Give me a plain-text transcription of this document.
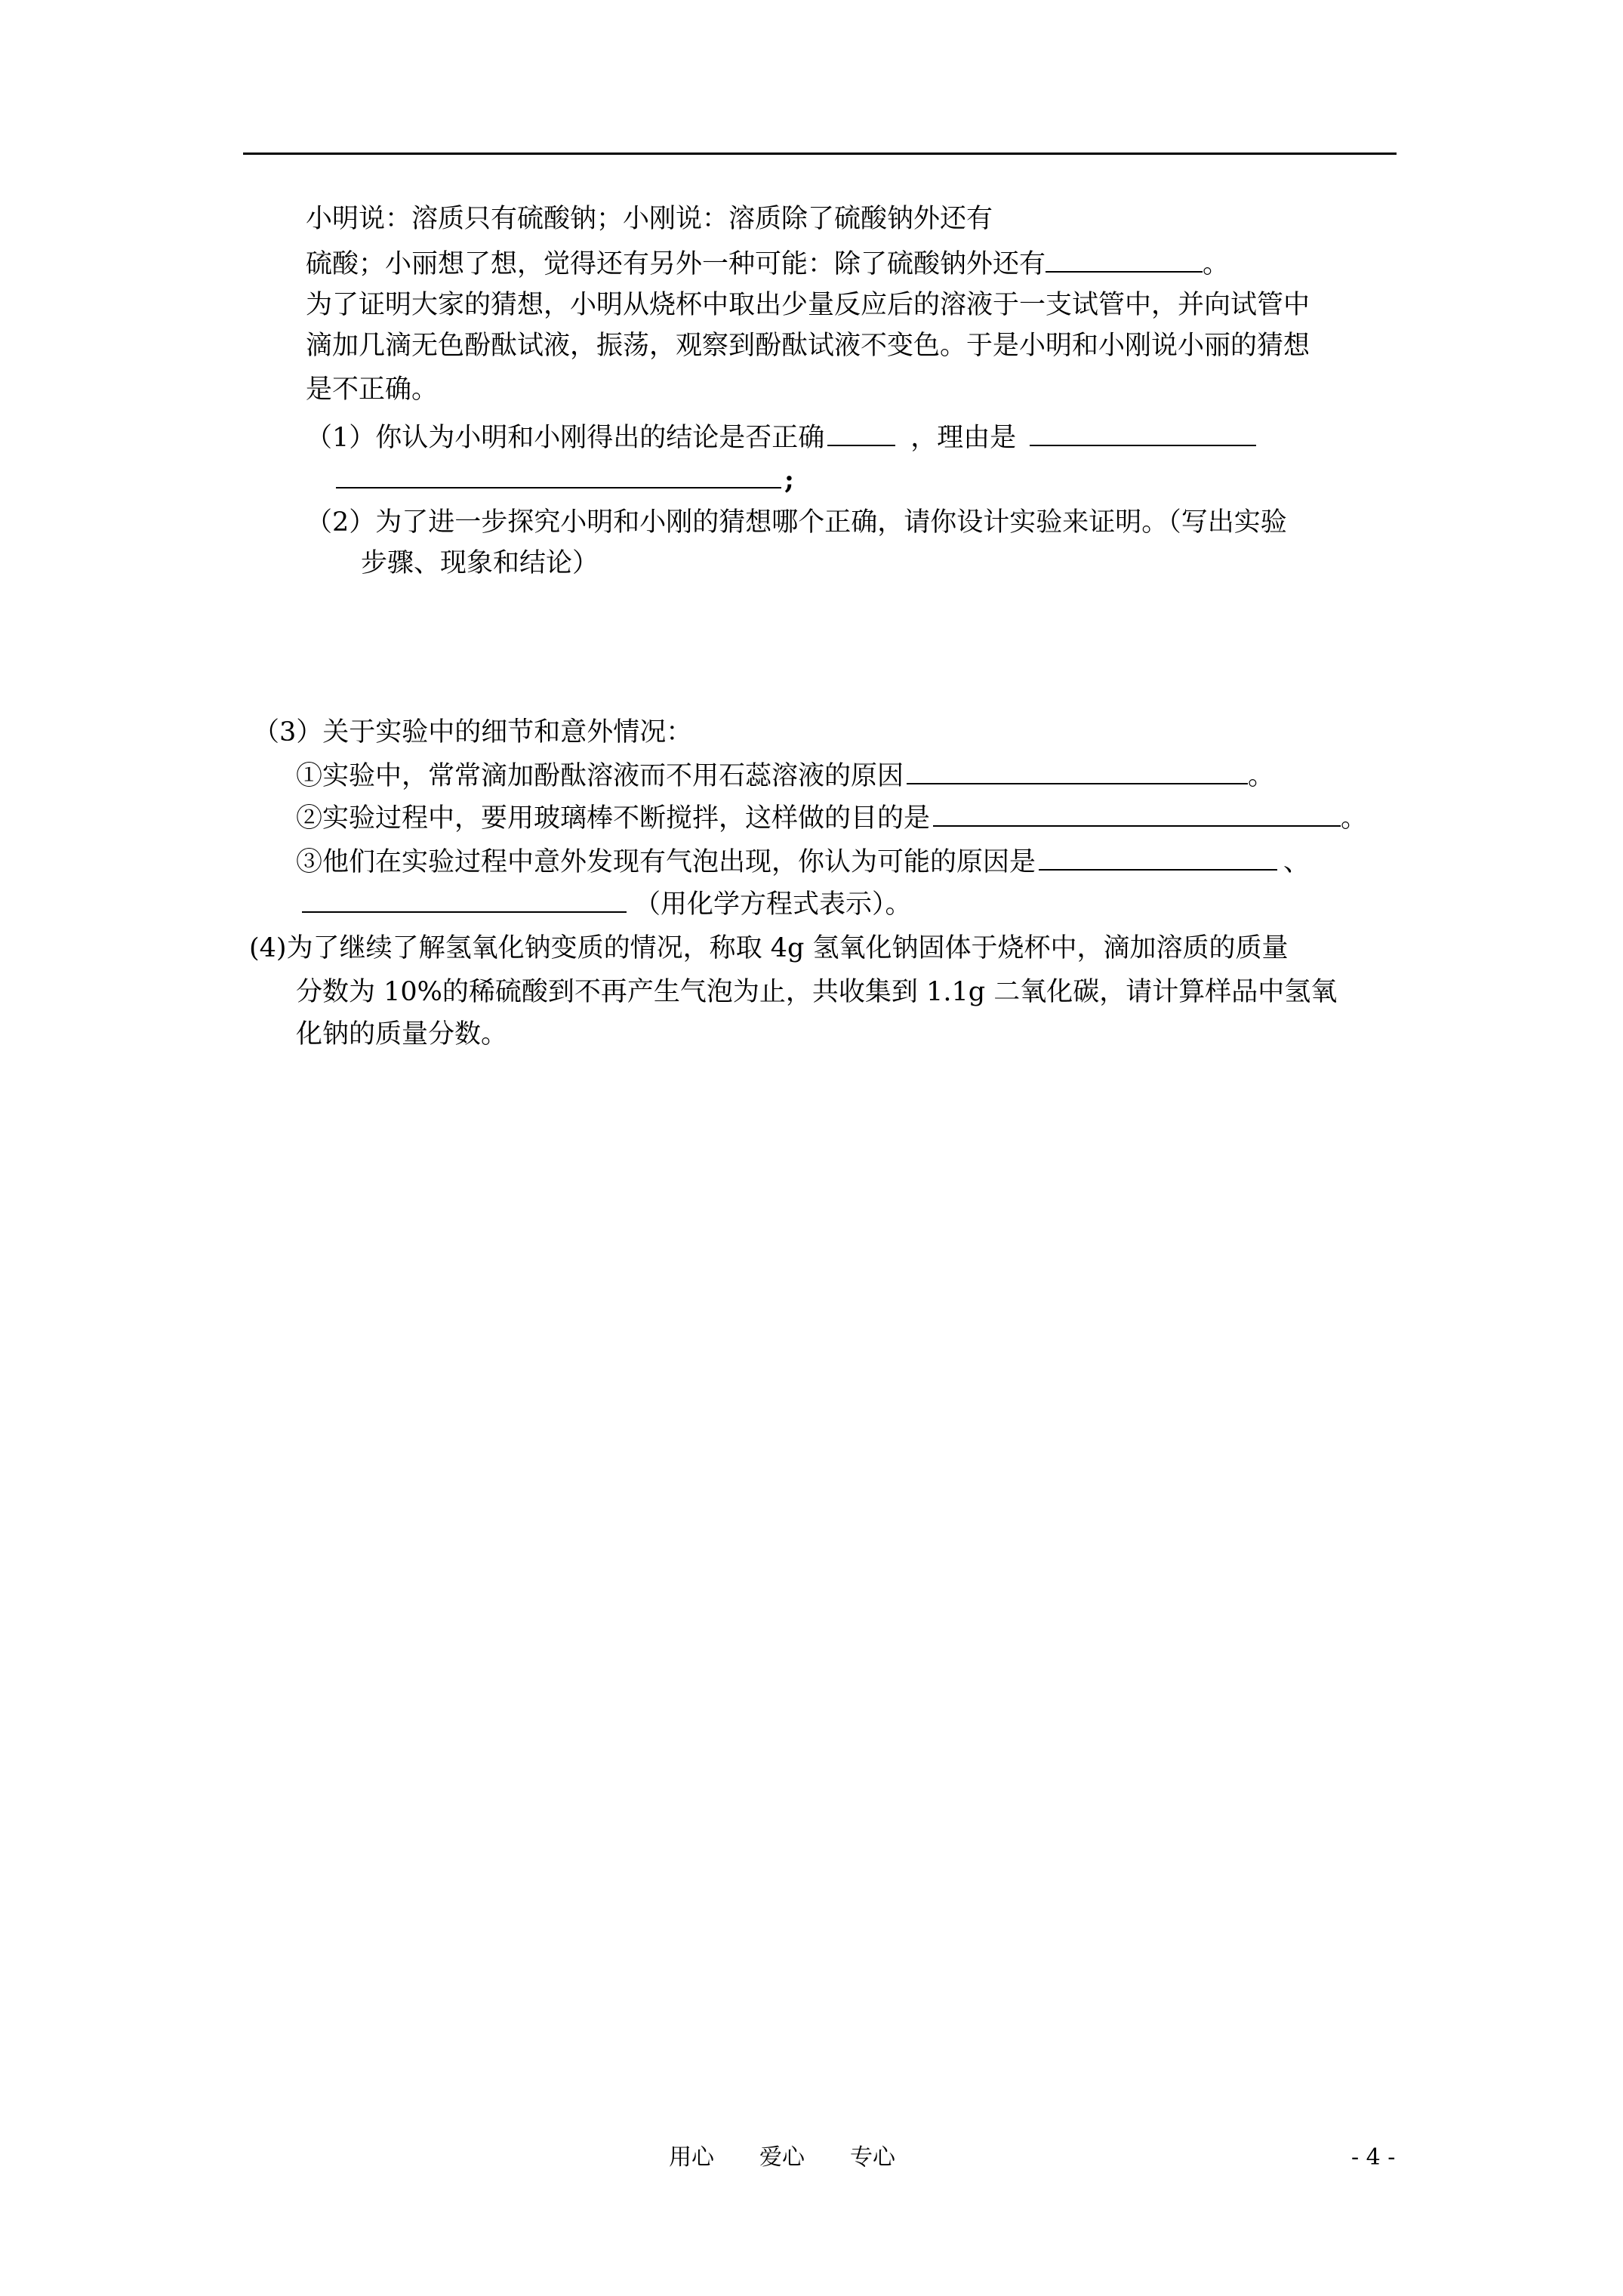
小明说：溶质只有硫酸钠；小刚说：溶质除了硫酸钠外还有
硫酸；小丽想了想，觉得还有另外一种可能：除了硫酸钠外还有	。
为了证明大家的猜想，小明从烧杯中取出少量反应后的溶液于一支试管中，并向试管中
滴加几滴无色酚酞试液，振荡，观察到酚酞试液不变色。于是小明和小刚说小丽的猜想
是不正确。
（1）你认为小明和小刚得出的结论是否正确	，理由是
;
（2）为了进一步探究小明和小刚的猜想哪个正确，请你设计实验来证明。（写出实验
步骤、现象和结论）
（3）关于实验中的细节和意外情况：
①实验中，常常滴加酚酞溶液而不用石蕊溶液的原因	。
②实验过程中，要用玻璃棒不断搅拌，这样做的目的是	。
③他们在实验过程中意外发现有气泡出现，你认为可能的原因是	、
（用化学方程式表示）。
(4)为了继续了解氢氧化钠变质的情况，称取 4g 氢氧化钠固体于烧杯中，滴加溶质的质量
分数为 10%的稀硫酸到不再产生气泡为止，共收集到 1.1g 二氧化碳，请计算样品中氢氧
化钠的质量分数。
用心　　爱心　　专心	- 4 -
